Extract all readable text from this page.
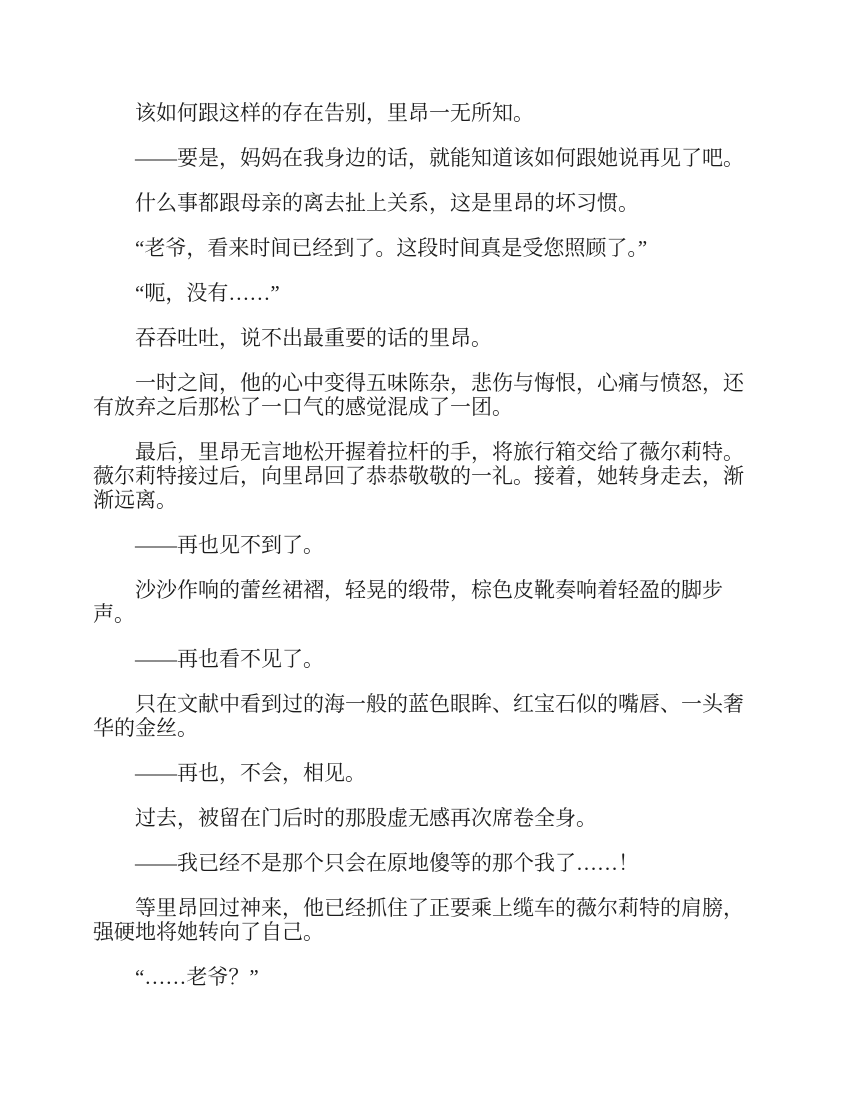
该如何跟这样的存在告别，里昂一无所知。

——要是，妈妈在我身边的话，就能知道该如何跟她说再见了吧。

什么事都跟母亲的离去扯上关系，这是里昂的坏习惯。

“老爷，看来时间已经到了。这段时间真是受您照顾了。”

“呃，没有……”

吞吞吐吐，说不出最重要的话的里昂。

一时之间，他的心中变得五味陈杂，悲伤与悔恨，心痛与愤怒，还有放弃之后那松了一口气的感觉混成了一团。

最后，里昂无言地松开握着拉杆的手，将旅行箱交给了薇尔莉特。薇尔莉特接过后，向里昂回了恭恭敬敬的一礼。接着，她转身走去，渐渐远离。

——再也见不到了。

沙沙作响的蕾丝裙褶，轻晃的缎带，棕色皮靴奏响着轻盈的脚步声。

——再也看不见了。

只在文献中看到过的海一般的蓝色眼眸、红宝石似的嘴唇、一头奢华的金丝。

——再也，不会，相见。

过去，被留在门后时的那股虚无感再次席卷全身。

——我已经不是那个只会在原地傻等的那个我了……！

等里昂回过神来，他已经抓住了正要乘上缆车的薇尔莉特的肩膀，强硬地将她转向了自己。

“……老爷？”
